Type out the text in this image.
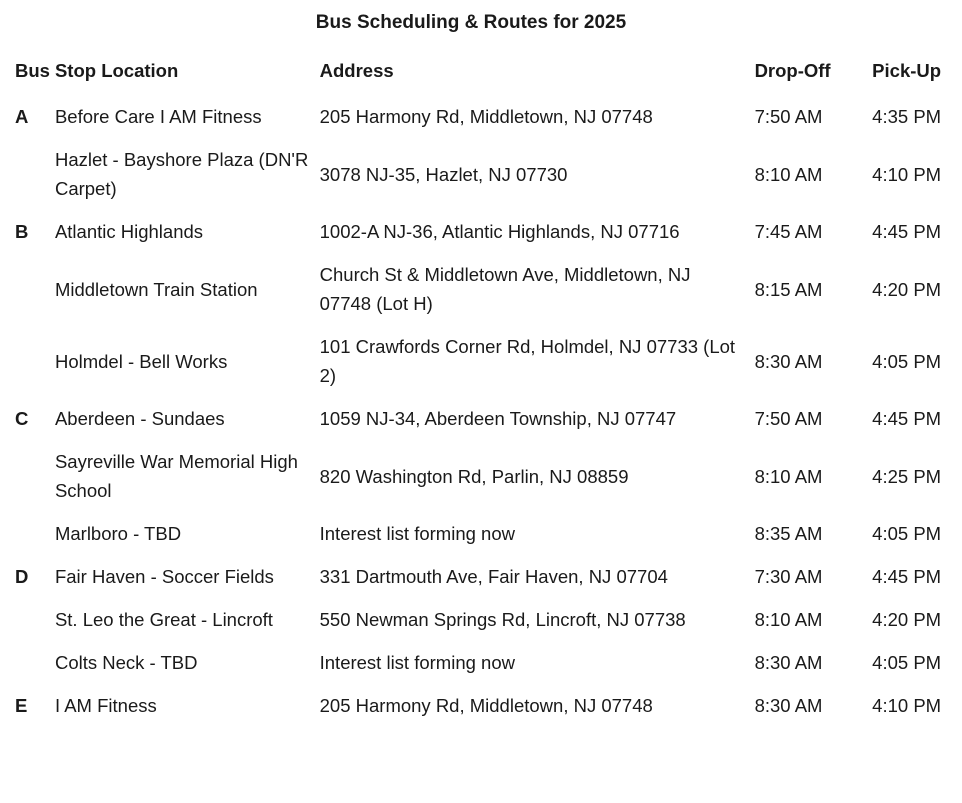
Bus Scheduling & Routes for 2025
Bus	Stop Location	Address	Drop-Off	Pick-Up
A	Before Care I AM Fitness	205 Harmony Rd, Middletown, NJ 07748	7:50 AM	4:35 PM
	Hazlet - Bayshore Plaza (DN'R Carpet)	3078 NJ-35, Hazlet, NJ 07730	8:10 AM	4:10 PM
B	Atlantic Highlands	1002-A NJ-36, Atlantic Highlands, NJ 07716	7:45 AM	4:45 PM
	Middletown Train Station	Church St & Middletown Ave, Middletown, NJ 07748 (Lot H)	8:15 AM	4:20 PM
	Holmdel - Bell Works	101 Crawfords Corner Rd, Holmdel, NJ 07733 (Lot 2)	8:30 AM	4:05 PM
C	Aberdeen - Sundaes	1059 NJ-34, Aberdeen Township, NJ 07747	7:50 AM	4:45 PM
	Sayreville War Memorial High School	820 Washington Rd, Parlin, NJ 08859	8:10 AM	4:25 PM
	Marlboro - TBD	Interest list forming now	8:35 AM	4:05 PM
D	Fair Haven - Soccer Fields	331 Dartmouth Ave, Fair Haven, NJ 07704	7:30 AM	4:45 PM
	St. Leo the Great - Lincroft	550 Newman Springs Rd, Lincroft, NJ 07738	8:10 AM	4:20 PM
	Colts Neck - TBD	Interest list forming now	8:30 AM	4:05 PM
E	I AM Fitness	205 Harmony Rd, Middletown, NJ 07748	8:30 AM	4:10 PM
